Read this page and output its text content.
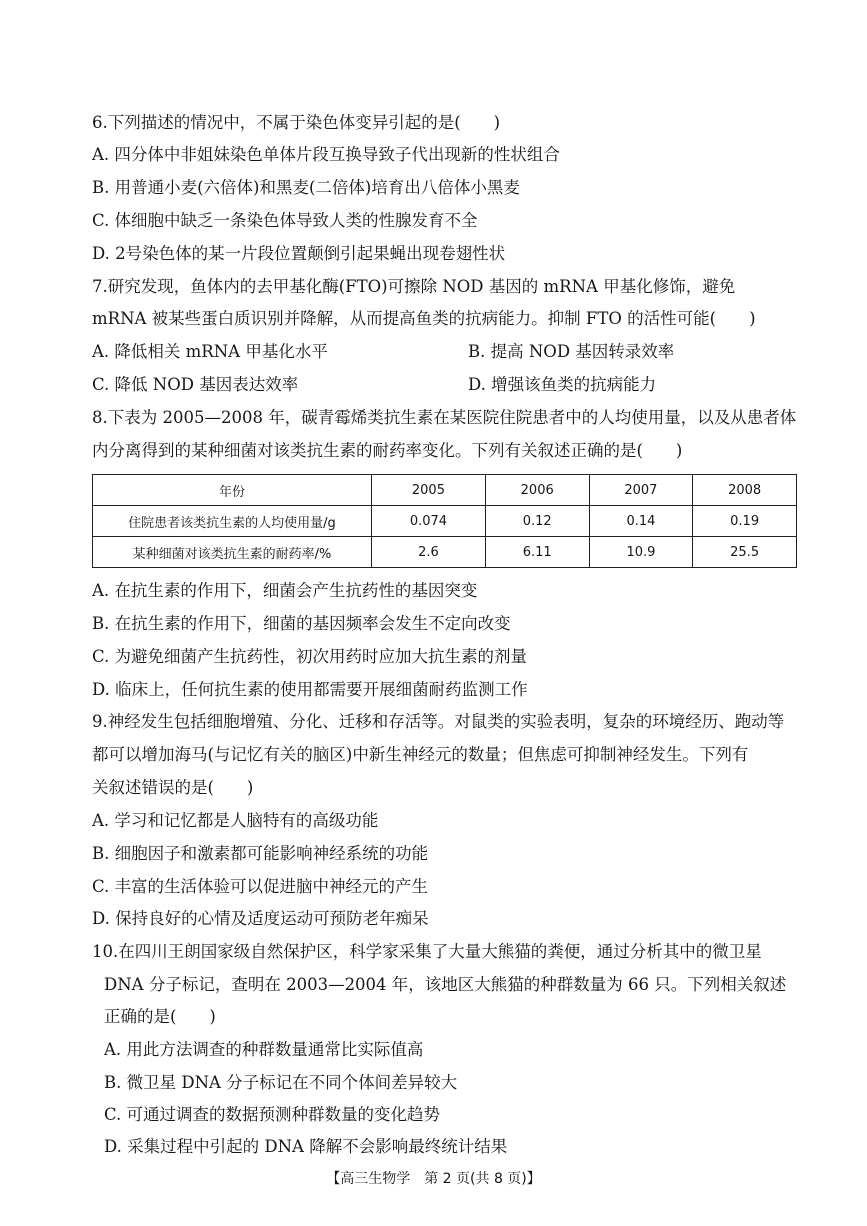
6.下列描述的情况中，不属于染色体变异引起的是(　　)
A. 四分体中非姐妹染色单体片段互换导致子代出现新的性状组合
B. 用普通小麦(六倍体)和黑麦(二倍体)培育出八倍体小黑麦
C. 体细胞中缺乏一条染色体导致人类的性腺发育不全
D. 2号染色体的某一片段位置颠倒引起果蝇出现卷翅性状
7.研究发现，鱼体内的去甲基化酶(FTO)可擦除 NOD 基因的 mRNA 甲基化修饰，避免
mRNA 被某些蛋白质识别并降解，从而提高鱼类的抗病能力。抑制 FTO 的活性可能(　　)
A. 降低相关 mRNA 甲基化水平	B. 提高 NOD 基因转录效率
C. 降低 NOD 基因表达效率	D. 增强该鱼类的抗病能力
8.下表为 2005—2008 年，碳青霉烯类抗生素在某医院住院患者中的人均使用量，以及从患者体
内分离得到的某种细菌对该类抗生素的耐药率变化。下列有关叙述正确的是(　　)
年份	2005	2006	2007	2008
住院患者该类抗生素的人均使用量/g	0.074	0.12	0.14	0.19
某种细菌对该类抗生素的耐药率/%	2.6	6.11	10.9	25.5
A. 在抗生素的作用下，细菌会产生抗药性的基因突变
B. 在抗生素的作用下，细菌的基因频率会发生不定向改变
C. 为避免细菌产生抗药性，初次用药时应加大抗生素的剂量
D. 临床上，任何抗生素的使用都需要开展细菌耐药监测工作
9.神经发生包括细胞增殖、分化、迁移和存活等。对鼠类的实验表明，复杂的环境经历、跑动等
都可以增加海马(与记忆有关的脑区)中新生神经元的数量；但焦虑可抑制神经发生。下列有
关叙述错误的是(　　)
A. 学习和记忆都是人脑特有的高级功能
B. 细胞因子和激素都可能影响神经系统的功能
C. 丰富的生活体验可以促进脑中神经元的产生
D. 保持良好的心情及适度运动可预防老年痴呆
10.在四川王朗国家级自然保护区，科学家采集了大量大熊猫的粪便，通过分析其中的微卫星
DNA 分子标记，查明在 2003—2004 年，该地区大熊猫的种群数量为 66 只。下列相关叙述
正确的是(　　)
A. 用此方法调查的种群数量通常比实际值高
B. 微卫星 DNA 分子标记在不同个体间差异较大
C. 可通过调查的数据预测种群数量的变化趋势
D. 采集过程中引起的 DNA 降解不会影响最终统计结果
【高三生物学　第 2 页(共 8 页)】
